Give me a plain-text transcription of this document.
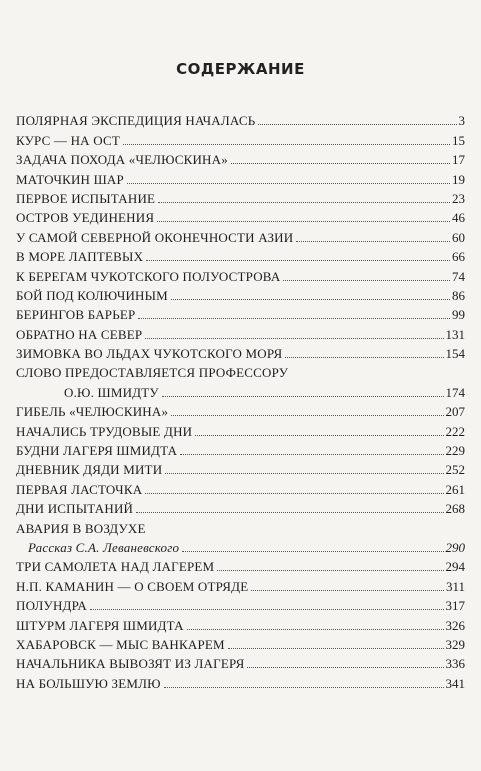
СОДЕРЖАНИЕ
ПОЛЯРНАЯ ЭКСПЕДИЦИЯ НАЧАЛАСЬ	3
КУРС — НА ОСТ	15
ЗАДАЧА ПОХОДА «ЧЕЛЮСКИНА»	17
МАТОЧКИН ШАР	19
ПЕРВОЕ ИСПЫТАНИЕ	23
ОСТРОВ УЕДИНЕНИЯ	46
У САМОЙ СЕВЕРНОЙ ОКОНЕЧНОСТИ АЗИИ	60
В МОРЕ ЛАПТЕВЫХ	66
К БЕРЕГАМ ЧУКОТСКОГО ПОЛУОСТРОВА	74
БОЙ ПОД КОЛЮЧИНЫМ	86
БЕРИНГОВ БАРЬЕР	99
ОБРАТНО НА СЕВЕР	131
ЗИМОВКА ВО ЛЬДАХ ЧУКОТСКОГО МОРЯ	154
СЛОВО ПРЕДОСТАВЛЯЕТСЯ ПРОФЕССОРУ
О.Ю. ШМИДТУ	174
ГИБЕЛЬ «ЧЕЛЮСКИНА»	207
НАЧАЛИСЬ ТРУДОВЫЕ ДНИ	222
БУДНИ ЛАГЕРЯ ШМИДТА	229
ДНЕВНИК ДЯДИ МИТИ	252
ПЕРВАЯ ЛАСТОЧКА	261
ДНИ ИСПЫТАНИЙ	268
АВАРИЯ В ВОЗДУХЕ
Рассказ С.А. Леваневского	290
ТРИ САМОЛЕТА НАД ЛАГЕРЕМ	294
Н.П. КАМАНИН — О СВОЕМ ОТРЯДЕ	311
ПОЛУНДРА	317
ШТУРМ ЛАГЕРЯ ШМИДТА	326
ХАБАРОВСК — МЫС ВАНКАРЕМ	329
НАЧАЛЬНИКА ВЫВОЗЯТ ИЗ ЛАГЕРЯ	336
НА БОЛЬШУЮ ЗЕМЛЮ	341
